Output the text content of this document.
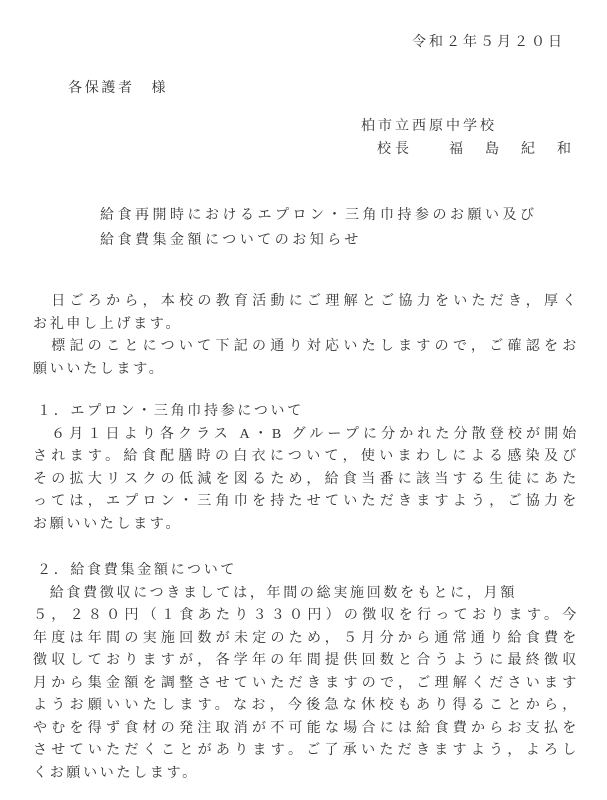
令和２年５月２０日
各保護者　様
柏市立西原中学校
校長　　福　島　紀　和
給食再開時におけるエプロン・三角巾持参のお願い及び
給食費集金額についてのお知らせ
　日ごろから，本校の教育活動にご理解とご協力をいただき，厚く
お礼申し上げます。
　標記のことについて下記の通り対応いたしますので，ご確認をお
願いいたします。
１．エプロン・三角巾持参について
　６月１日より各クラス A・B グループに分かれた分散登校が開始
されます。給食配膳時の白衣について，使いまわしによる感染及び
その拡大リスクの低減を図るため，給食当番に該当する生徒にあた
っては，エプロン・三角巾を持たせていただきますよう，ご協力を
お願いいたします。
２．給食費集金額について
　給食費徴収につきましては，年間の総実施回数をもとに，月額
５，２８０円（１食あたり３３０円）の徴収を行っております。今
年度は年間の実施回数が未定のため，５月分から通常通り給食費を
徴収しておりますが，各学年の年間提供回数と合うように最終徴収
月から集金額を調整させていただきますので，ご理解くださいます
ようお願いいたします。なお，今後急な休校もあり得ることから，
やむを得ず食材の発注取消が不可能な場合には給食費からお支払を
させていただくことがあります。ご了承いただきますよう，よろし
くお願いいたします。
